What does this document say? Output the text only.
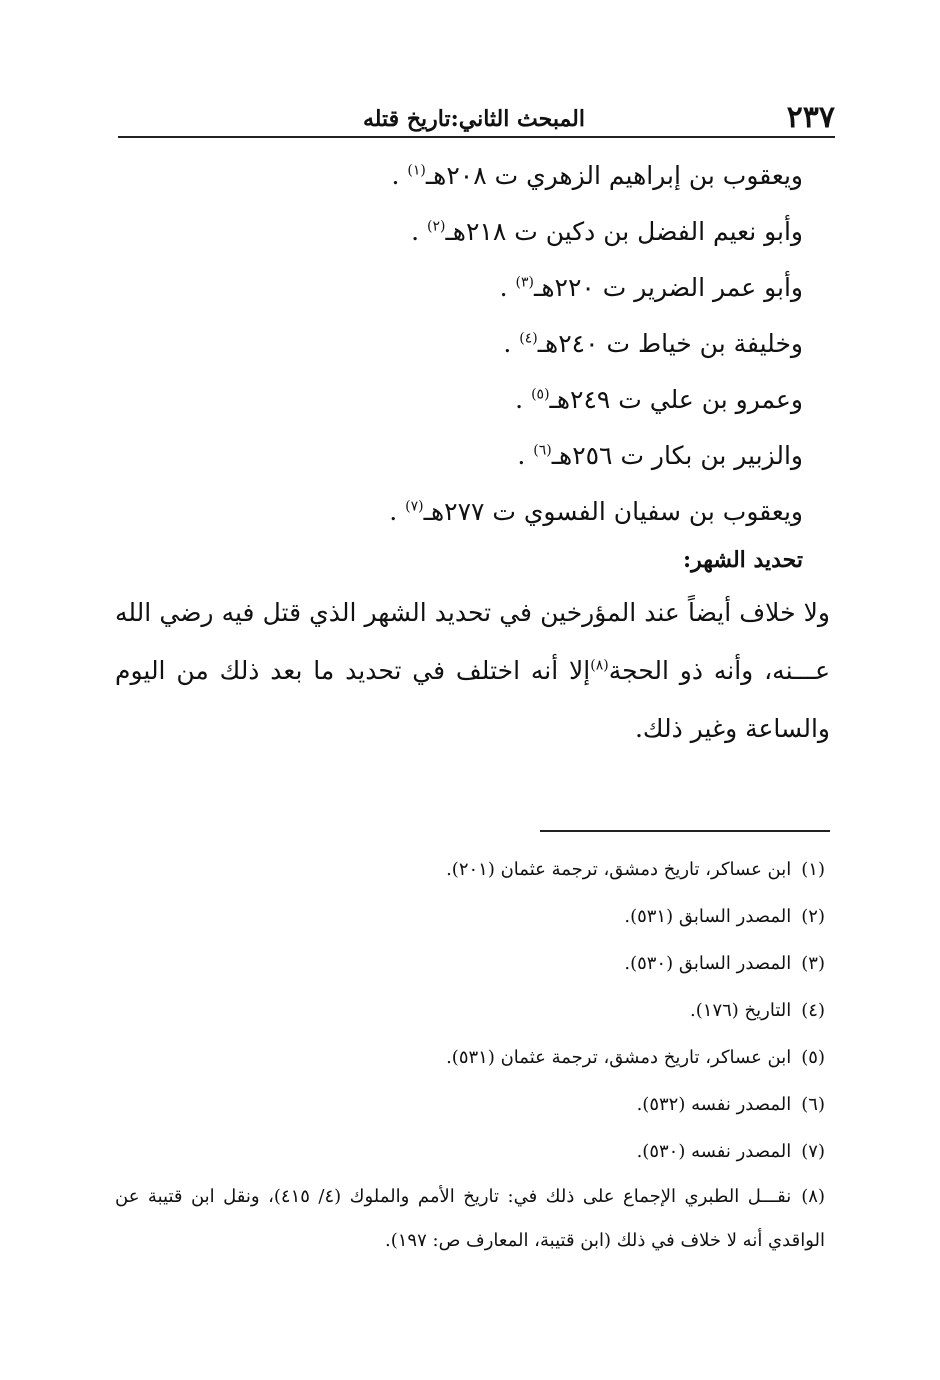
٢٣٧
المبحث الثاني:تاريخ قتله
ويعقوب بن إبراهيم الزهري ت ٢٠٨هـ$^{(١)}$ .
وأبو نعيم الفضل بن دكين ت ٢١٨هـ$^{(٢)}$ .
وأبو عمر الضرير ت ٢٢٠هـ$^{(٣)}$ .
وخليفة بن خياط ت ٢٤٠هـ$^{(٤)}$ .
وعمرو بن علي ت ٢٤٩هـ$^{(٥)}$ .
والزبير بن بكار ت ٢٥٦هـ$^{(٦)}$ .
ويعقوب بن سفيان الفسوي ت ٢٧٧هـ$^{(٧)}$ .
تحديد الشهر:
ولا خلاف أيضاً عند المؤرخين في تحديد الشهر الذي قتل فيه رضي الله عـــنه، وأنه ذو الحجة$^{(٨)}$إلا أنه اختلف في تحديد ما بعد ذلك من اليوم والساعة وغير ذلك.
(١)ابن عساكر، تاريخ دمشق، ترجمة عثمان (٢٠١).
(٢)المصدر السابق (٥٣١).
(٣)المصدر السابق (٥٣٠).
(٤)التاريخ (١٧٦).
(٥)ابن عساكر، تاريخ دمشق، ترجمة عثمان (٥٣١).
(٦)المصدر نفسه (٥٣٢).
(٧)المصدر نفسه (٥٣٠).
(٨)نقـــل الطبري الإجماع على ذلك في: تاريخ الأمم والملوك (٤/ ٤١٥)، ونقل ابن قتيبة عن الواقدي أنه لا خلاف في ذلك (ابن قتيبة، المعارف ص: ١٩٧).
